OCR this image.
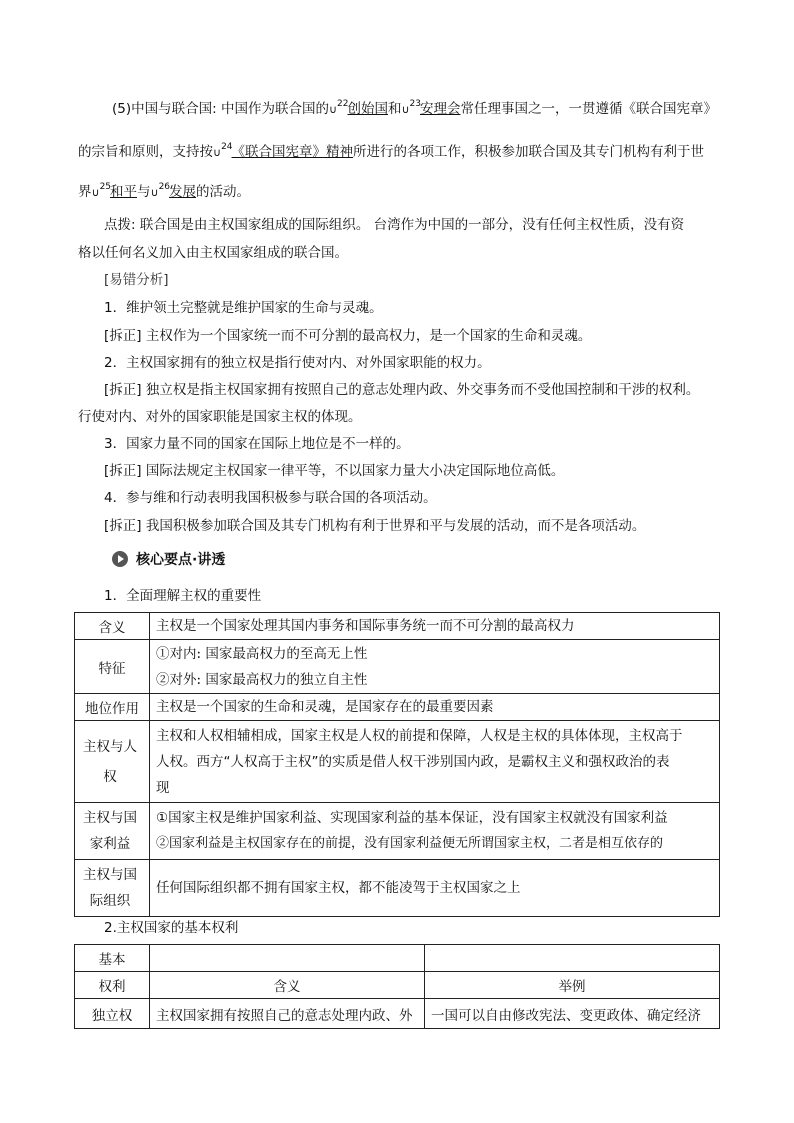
(5)中国与联合国: 中国作为联合国的∪$^{22}$创始国和∪$^{23}$安理会常任理事国之一，一贯遵循《联合国宪章》
的宗旨和原则，支持按∪$^{24}$《联合国宪章》精神所进行的各项工作，积极参加联合国及其专门机构有利于世
界∪$^{25}$和平与∪$^{26}$发展的活动。
点拨: 联合国是由主权国家组成的国际组织。 台湾作为中国的一部分，没有任何主权性质，没有资
格以任何名义加入由主权国家组成的联合国。
[易错分析]
1．维护领土完整就是维护国家的生命与灵魂。
[拆正] 主权作为一个国家统一而不可分割的最高权力，是一个国家的生命和灵魂。
2．主权国家拥有的独立权是指行使对内、对外国家职能的权力。
[拆正] 独立权是指主权国家拥有按照自己的意志处理内政、外交事务而不受他国控制和干涉的权利。
行使对内、对外的国家职能是国家主权的体现。
3．国家力量不同的国家在国际上地位是不一样的。
[拆正] 国际法规定主权国家一律平等，不以国家力量大小决定国际地位高低。
4．参与维和行动表明我国积极参与联合国的各项活动。
[拆正] 我国积极参加联合国及其专门机构有利于世界和平与发展的活动，而不是各项活动。
核心要点·讲透
1．全面理解主权的重要性
含义	主权是一个国家处理其国内事务和国际事务统一而不可分割的最高权力

特征	①对内: 国家最高权力的至高无上性
②对外: 国家最高权力的独立自主性

地位作用	主权是一个国家的生命和灵魂，是国家存在的最重要因素

主权与人权	主权和人权相辅相成，国家主权是人权的前提和保障，人权是主权的具体体现，主权高于
人权。西方“人权高于主权”的实质是借人权干涉别国内政，是霸权主义和强权政治的表
现

主权与国家利益	①国家主权是维护国家利益、实现国家利益的基本保证，没有国家主权就没有国家利益
②国家利益是主权国家存在的前提，没有国家利益便无所谓国家主权，二者是相互依存的

主权与国际组织	任何国际组织都不拥有国家主权，都不能凌驾于主权国家之上
2.主权国家的基本权利
基本		
权利	含义	举例
独立权	主权国家拥有按照自己的意志处理内政、外	一国可以自由修改宪法、变更政体、确定经济
